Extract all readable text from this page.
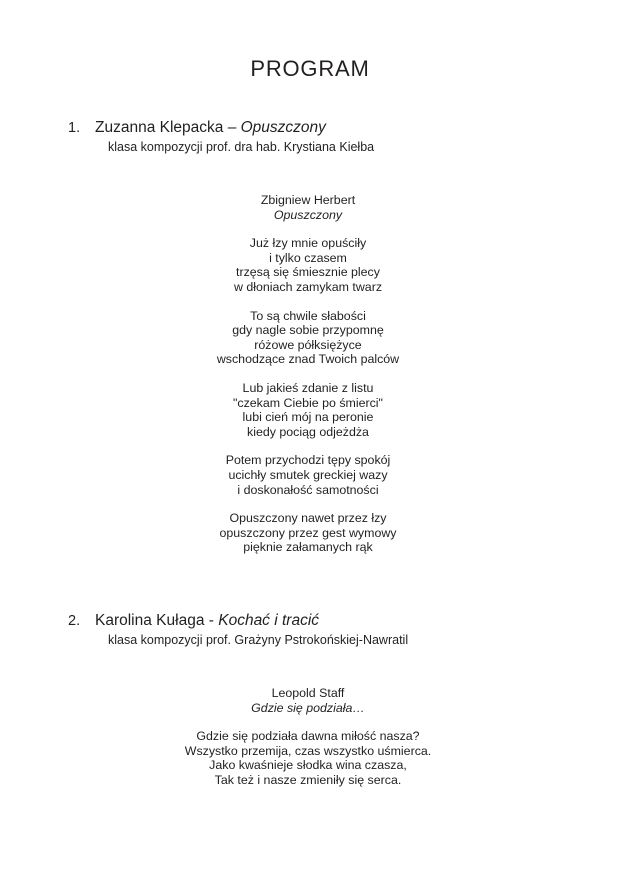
PROGRAM
1. Zuzanna Klepacka – Opuszczony
klasa kompozycji prof. dra hab. Krystiana Kiełba
Zbigniew Herbert
Opuszczony
Już łzy mnie opuściły
i tylko czasem
trzęsą się śmiesznie plecy
w dłoniach zamykam twarz
To są chwile słabości
gdy nagle sobie przypomnę
różowe półksiężyce
wschodzące znad Twoich palców
Lub jakieś zdanie z listu
"czekam Ciebie po śmierci"
lubi cień mój na peronie
kiedy pociąg odjeżdża
Potem przychodzi tępy spokój
ucichły smutek greckiej wazy
i doskonałość samotności
Opuszczony nawet przez łzy
opuszczony przez gest wymowy
pięknie załamanych rąk
2. Karolina Kułaga - Kochać i tracić
klasa kompozycji prof. Grażyny Pstrokońskiej-Nawratil
Leopold Staff
Gdzie się podziała…
Gdzie się podziała dawna miłość nasza?
Wszystko przemija, czas wszystko uśmierca.
Jako kwaśnieje słodka wina czasza,
Tak też i nasze zmieniły się serca.
